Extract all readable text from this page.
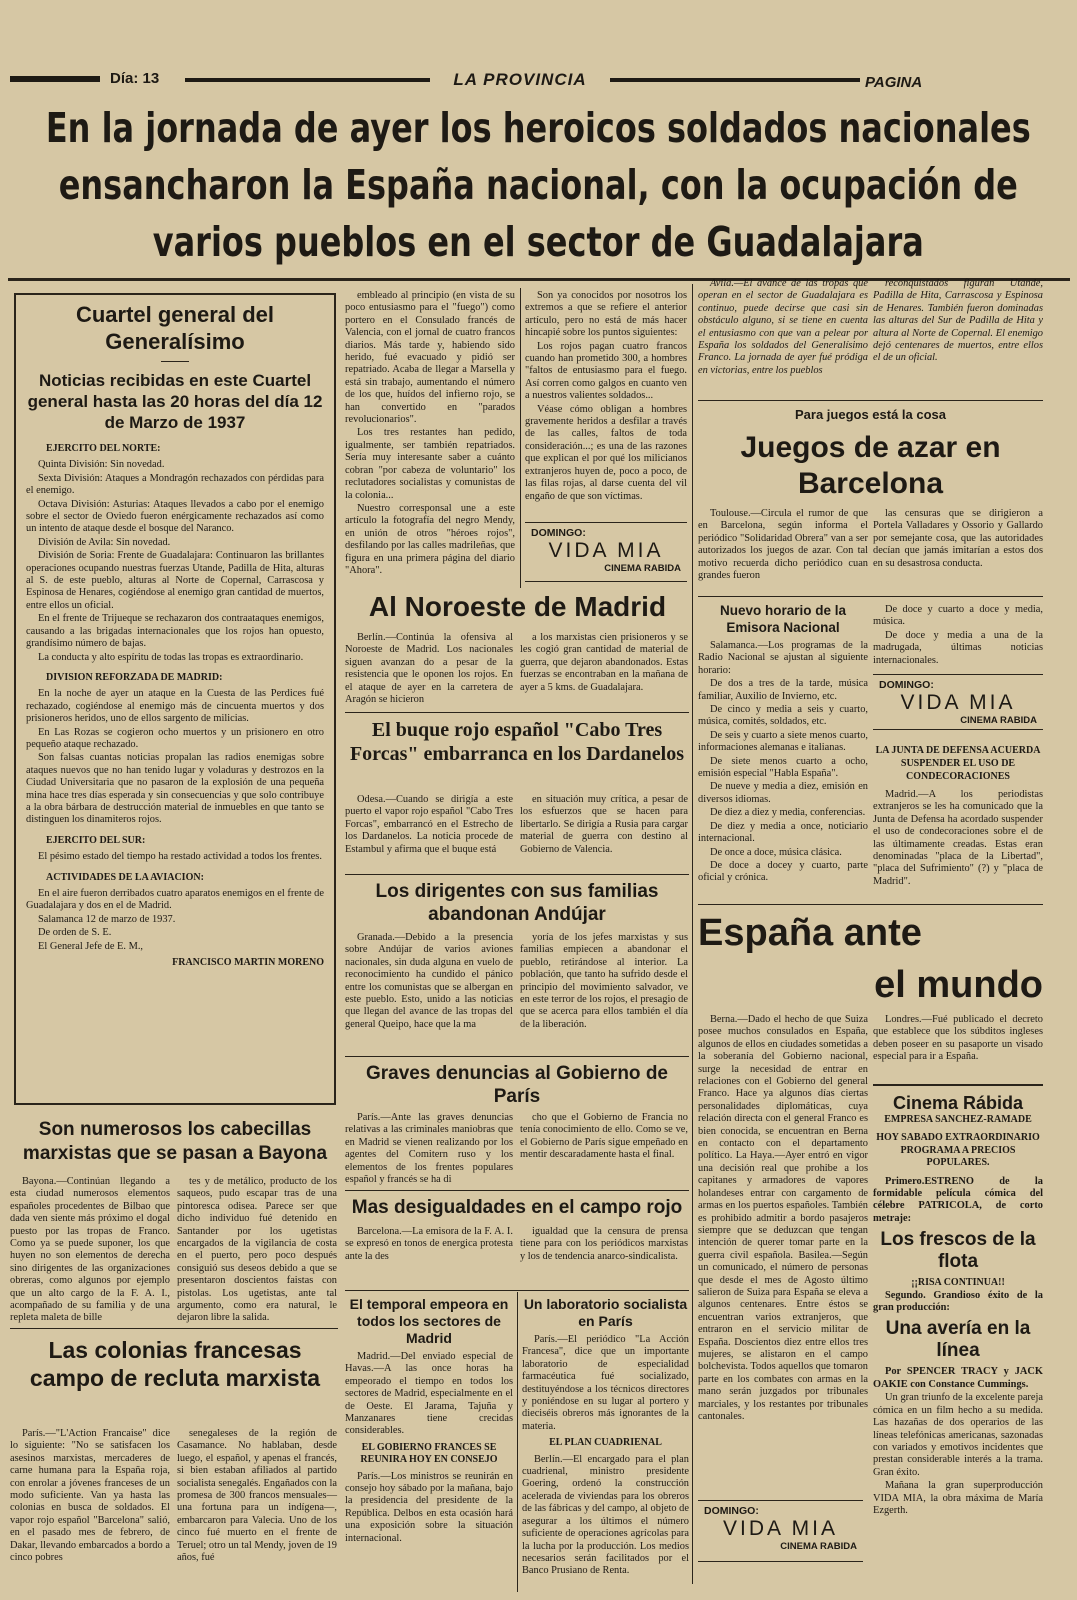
Día: 13	LA PROVINCIA	PAGINA
En la jornada de ayer los heroicos soldados nacionales ensancharon la España nacional, con la ocupación de varios pueblos en el sector de Guadalajara
Cuartel general del Generalísimo
Noticias recibidas en este Cuartel general hasta las 20 horas del día 12 de Marzo de 1937
EJERCITO DEL NORTE:

Quinta División: Sin novedad.

Sexta División: Ataques a Mondragón rechazados con pérdidas para el enemigo.

Octava División: Asturias: Ataques llevados a cabo por el enemigo sobre el sector de Oviedo fueron enérgicamente rechazados así como un intento de ataque desde el bosque del Naranco.

División de Avila: Sin novedad.

División de Soria: Frente de Guadalajara: Continuaron las brillantes operaciones ocupando nuestras fuerzas Utande, Padilla de Hita, alturas al S. de este pueblo, alturas al Norte de Copernal, Carrascosa y Espinosa de Henares, cogiéndose al enemigo gran cantidad de muertos, entre ellos un oficial.

En el frente de Trijueque se rechazaron dos contraataques enemigos, causando a las brigadas internacionales que los rojos han opuesto, grandísimo número de bajas.

La conducta y alto espíritu de todas las tropas es extraordinario.

DIVISION REFORZADA DE MADRID:

En la noche de ayer un ataque en la Cuesta de las Perdices fué rechazado, cogiéndose al enemigo más de cincuenta muertos y dos prisioneros heridos, uno de ellos sargento de milicias.

En Las Rozas se cogieron ocho muertos y un prisionero en otro pequeño ataque rechazado.

Son falsas cuantas noticias propalan las radios enemigas sobre ataques nuevos que no han tenido lugar y voladuras y destrozos en la Ciudad Universitaria que no pasaron de la explosión de una pequeña mina hace tres días esperada y sin consecuencias y que solo contribuye a la obra bárbara de destrucción material de inmuebles en que tanto se distinguen los dinamiteros rojos.

EJERCITO DEL SUR:

El pésimo estado del tiempo ha restado actividad a todos los frentes.

ACTIVIDADES DE LA AVIACION:

En el aire fueron derribados cuatro aparatos enemigos en el frente de Guadalajara y dos en el de Madrid.

Salamanca 12 de marzo de 1937.

De orden de S. E.

El General Jefe de E. M.,

FRANCISCO MARTIN MORENO

embleado al principio (en vista de su poco entusiasmo para el "fuego") como portero en el Consulado francés de Valencia, con el jornal de cuatro francos diarios. Más tarde y, habiendo sido herido, fué evacuado y pidió ser repatriado. Acaba de llegar a Marsella y está sin trabajo, aumentando el número de los que, huídos del infierno rojo, se han convertido en "parados revolucionarios".

Los tres restantes han pedido, igualmente, ser también repatriados. Sería muy interesante saber a cuánto cobran "por cabeza de voluntario" los reclutadores socialistas y comunistas de la colonia...

Nuestro corresponsal une a este artículo la fotografía del negro Mendy, en unión de otros "héroes rojos", desfilando por las calles madrileñas, que figura en una primera página del diario "Ahora".

Son ya conocidos por nosotros los extremos a que se refiere el anterior artículo, pero no está de más hacer hincapié sobre los puntos siguientes:

Los rojos pagan cuatro francos cuando han prometido 300, a hombres "faltos de entusiasmo para el fuego. Así corren como galgos en cuanto ven a nuestros valientes soldados...

Véase cómo obligan a hombres gravemente heridos a desfilar a través de las calles, faltos de toda consideración...; es una de las razones que explican el por qué los milicianos extranjeros huyen de, poco a poco, de las filas rojas, al darse cuenta del vil engaño de que son víctimas.

DOMINGO:
VIDA MIA
CINEMA RABIDA
Al Noroeste de Madrid

Berlín.—Continúa la ofensiva al Noroeste de Madrid. Los nacionales siguen avanzan do a pesar de la resistencia que le oponen los rojos. En el ataque de ayer en la carretera de Aragón se hicieron

a los marxistas cien prisioneros y se les cogió gran cantidad de material de guerra, que dejaron abandonados. Estas fuerzas se encontraban en la mañana de ayer a 5 kms. de Guadalajara.

El buque rojo español "Cabo Tres Forcas" embarranca en los Dardanelos

Odesa.—Cuando se dirigía a este puerto el vapor rojo español "Cabo Tres Forcas", embarrancó en el Estrecho de los Dardanelos. La noticia procede de Estambul y afirma que el buque está

en situación muy crítica, a pesar de los esfuerzos que se hacen para libertarlo. Se dirigía a Rusia para cargar material de guerra con destino al Gobierno de Valencia.

Los dirigentes con sus familias abandonan Andújar

Granada.—Debido a la presencia sobre Andújar de varios aviones nacionales, sin duda alguna en vuelo de reconocimiento ha cundido el pánico entre los comunistas que se albergan en este pueblo. Esto, unido a las noticias que llegan del avance de las tropas del general Queipo, hace que la ma

yoría de los jefes marxistas y sus familias empiecen a abandonar el pueblo, retirándose al interior. La población, que tanto ha sufrido desde el principio del movimiento salvador, ve en este terror de los rojos, el presagio de que se acerca para ellos también el día de la liberación.

Graves denuncias al Gobierno de París

París.—Ante las graves denuncias relativas a las criminales maniobras que en Madrid se vienen realizando por los agentes del Comitern ruso y los elementos de los frentes populares español y francés se ha di

cho que el Gobierno de Francia no tenía conocimiento de ello. Como se ve, el Gobierno de París sigue empeñado en mentir descaradamente hasta el final.

Mas desigualdades en el campo rojo

Barcelona.—La emisora de la F. A. I. se expresó en tonos de energica protesta ante la des

igualdad que la censura de prensa tiene para con los periódicos marxistas y los de tendencia anarco-sindicalista.

El temporal empeora en todos los sectores de Madrid

Madrid.—Del enviado especial de Havas.—A las once horas ha empeorado el tiempo en todos los sectores de Madrid, especialmente en el de Oeste. El Jarama, Tajuña y Manzanares tiene crecidas considerables.

EL GOBIERNO FRANCES SE REUNIRA HOY EN CONSEJO

París.—Los ministros se reunirán en consejo hoy sábado por la mañana, bajo la presidencia del presidente de la República. Delbos en esta ocasión hará una exposición sobre la situación internacional.

Un laboratorio socialista en París

París.—El periódico "La Acción Francesa", dice que un importante laboratorio de especialidad farmacéutica fué socializado, destituyéndose a los técnicos directores y poniéndose en su lugar al portero y dieciséis obreros más ignorantes de la materia.

EL PLAN CUADRIENAL

Berlín.—El encargado para el plan cuadrienal, ministro presidente Goering, ordenó la construcción acelerada de viviendas para los obreros de las fábricas y del campo, al objeto de asegurar a los últimos el número suficiente de operaciones agrícolas para la lucha por la producción. Los medios necesarios serán facilitados por el Banco Prusiano de Renta.

Son numerosos los cabecillas marxistas que se pasan a Bayona

Bayona.—Continúan llegando a esta ciudad numerosos elementos españoles procedentes de Bilbao que dada ven siente más próximo el dogal puesto por las tropas de Franco. Como ya se puede suponer, los que huyen no son elementos de derecha sino dirigentes de las organizaciones obreras, como algunos por ejemplo que un alto cargo de la F. A. I., acompañado de su familia y de una repleta maleta de bille

tes y de metálico, producto de los saqueos, pudo escapar tras de una pintoresca odisea. Parece ser que dicho individuo fué detenido en Santander por los ugetistas encargados de la vigilancia de costa en el puerto, pero poco después consiguió sus deseos debido a que se presentaron doscientos faistas con pistolas. Los ugetistas, ante tal argumento, como era natural, le dejaron libre la salida.

Las colonias francesas campo de recluta marxista

París.—"L'Action Francaise" dice lo siguiente: "No se satisfacen los asesinos marxistas, mercaderes de carne humana para la España roja, con enrolar a jóvenes franceses de un modo suficiente. Van ya hasta las colonias en busca de soldados. El vapor rojo español "Barcelona" salió, en el pasado mes de febrero, de Dakar, llevando embarcados a bordo a cinco pobres

senegaleses de la región de Casamance. No hablaban, desde luego, el español, y apenas el francés, si bien estaban afiliados al partido socialista senegalés. Engañados con la promesa de 300 francos mensuales—una fortuna para un indígena—, embarcaron para Valecia. Uno de los cinco fué muerto en el frente de Teruel; otro un tal Mendy, joven de 19 años, fué

Avila.—El avance de las tropas que operan en el sector de Guadalajara es continuo, puede decirse que casi sin obstáculo alguno, si se tiene en cuenta el entusiasmo con que van a pelear por España los soldados del Generalísimo Franco. La jornada de ayer fué pródiga en victorias, entre los pueblos

reconquistados figuran Utande, Padilla de Hita, Carrascosa y Espinosa de Henares. También fueron dominadas las alturas del Sur de Padilla de Hita y altura al Norte de Copernal. El enemigo dejó centenares de muertos, entre ellos el de un oficial.

Para juegos está la cosa
Juegos de azar en Barcelona

Toulouse.—Circula el rumor de que en Barcelona, según informa el periódico "Solidaridad Obrera" van a ser autorizados los juegos de azar. Con tal motivo recuerda dicho periódico cuan grandes fueron

las censuras que se dirigieron a Portela Valladares y Ossorio y Gallardo por semejante cosa, que las autoridades decían que jamás imitarían a estos dos en su desastrosa conducta.

Nuevo horario de la Emisora Nacional

Salamanca.—Los programas de la Radio Nacional se ajustan al siguiente horario:

De dos a tres de la tarde, música familiar, Auxilio de Invierno, etc.

De cinco y media a seis y cuarto, música, comités, soldados, etc.

De seis y cuarto a siete menos cuarto, informaciones alemanas e italianas.

De siete menos cuarto a ocho, emisión especial "Habla España".

De nueve y media a diez, emisión en diversos idiomas.

De diez a diez y media, conferencias.

De diez y media a once, noticiario internacional.

De once a doce, música clásica.

De doce a docey y cuarto, parte oficial y crónica.

De doce y cuarto a doce y media, música.

De doce y media a una de la madrugada, últimas noticias internacionales.

DOMINGO:
VIDA MIA
CINEMA RABIDA
LA JUNTA DE DEFENSA ACUERDA SUSPENDER EL USO DE CONDECORACIONES

Madrid.—A los periodistas extranjeros se les ha comunicado que la Junta de Defensa ha acordado suspender el uso de condecoraciones sobre el de las últimamente creadas. Estas eran denominadas "placa de la Libertad", "placa del Sufrimiento" (?) y "placa de Madrid".

España ante
el mundo

Berna.—Dado el hecho de que Suiza posee muchos consulados en España, algunos de ellos en ciudades sometidas a la soberanía del Gobierno nacional, surge la necesidad de entrar en relaciones con el Gobierno del general Franco. Hace ya algunos días ciertas personalidades diplomáticas, cuya relación directa con el general Franco es bien conocida, se encuentran en Berna en contacto con el departamento político. La Haya.—Ayer entró en vigor una decisión real que prohibe a los capitanes y armadores de vapores holandeses entrar con cargamento de armas en los puertos españoles. También es prohibido admitir a bordo pasajeros siempre que se deduzcan que tengan intención de querer tomar parte en la guerra civil española. Basilea.—Según un comunicado, el número de personas que desde el mes de Agosto último salieron de Suiza para España se eleva a algunos centenares. Entre éstos se encuentran varios extranjeros, que entraron en el servicio militar de España. Doscientos diez entre ellos tres mujeres, se alistaron en el campo bolchevista. Todos aquellos que tomaron parte en los combates con armas en la mano serán juzgados por tribunales marciales, y los restantes por tribunales cantonales.

Londres.—Fué publicado el decreto que establece que los súbditos ingleses deben poseer en su pasaporte un visado especial para ir a España.

DOMINGO:
VIDA MIA
CINEMA RABIDA
Cinema Rábida
EMPRESA SANCHEZ-RAMADE
HOY SABADO EXTRAORDINARIO PROGRAMA A PRECIOS POPULARES.

Primero.ESTRENO de la formidable película cómica del célebre PATRICOLA, de corto metraje:

Los frescos de la flota
¡¡RISA CONTINUA!!

Segundo. Grandioso éxito de la gran producción:

Una avería en la línea

Por SPENCER TRACY y JACK OAKIE con Constance Cummings.

Un gran triunfo de la excelente pareja cómica en un film hecho a su medida. Las hazañas de dos operarios de las líneas telefónicas americanas, sazonadas con variados y emotivos incidentes que prestan considerable interés a la trama. Gran éxito.

Mañana la gran superproducción VIDA MIA, la obra máxima de María Ezgerth.
